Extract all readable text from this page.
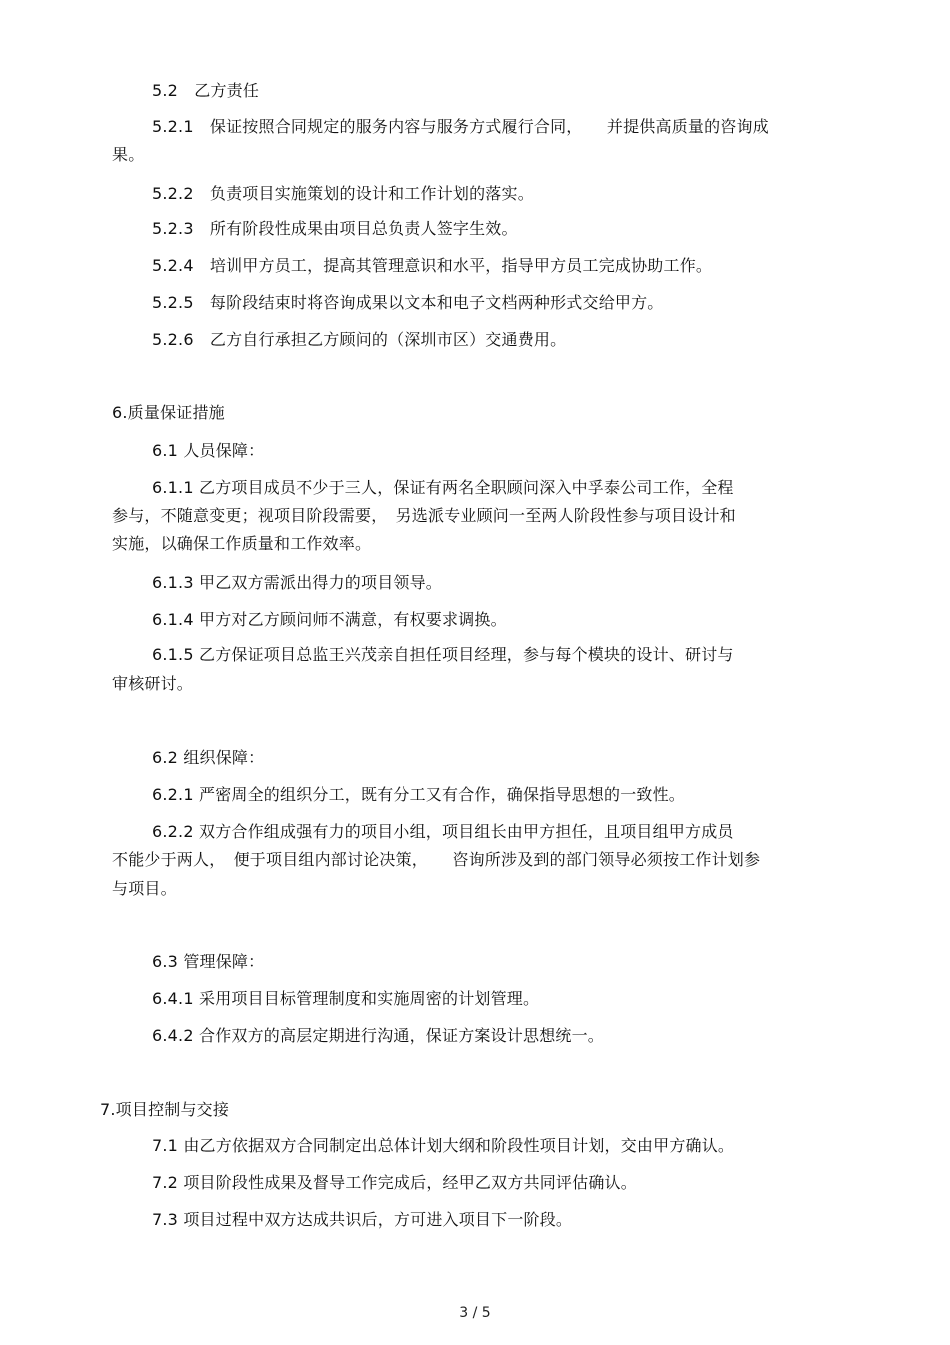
5.2　乙方责任

5.2.1　保证按照合同规定的服务内容与服务方式履行合同，　　并提供高质量的咨询成

果。

5.2.2　负责项目实施策划的设计和工作计划的落实。

5.2.3　所有阶段性成果由项目总负责人签字生效。

5.2.4　培训甲方员工，提高其管理意识和水平，指导甲方员工完成协助工作。

5.2.5　每阶段结束时将咨询成果以文本和电子文档两种形式交给甲方。

5.2.6　乙方自行承担乙方顾问的（深圳市区）交通费用。

6.质量保证措施

6.1 人员保障：

6.1.1 乙方项目成员不少于三人，保证有两名全职顾问深入中孚泰公司工作，全程

参与，不随意变更；视项目阶段需要，　另选派专业顾问一至两人阶段性参与项目设计和

实施，以确保工作质量和工作效率。

6.1.3 甲乙双方需派出得力的项目领导。

6.1.4 甲方对乙方顾问师不满意，有权要求调换。

6.1.5 乙方保证项目总监王兴茂亲自担任项目经理，参与每个模块的设计、研讨与

审核研讨。

6.2 组织保障：

6.2.1 严密周全的组织分工，既有分工又有合作，确保指导思想的一致性。

6.2.2 双方合作组成强有力的项目小组，项目组长由甲方担任，且项目组甲方成员

不能少于两人，　便于项目组内部讨论决策，　　咨询所涉及到的部门领导必须按工作计划参

与项目。

6.3 管理保障：

6.4.1 采用项目目标管理制度和实施周密的计划管理。

6.4.2 合作双方的高层定期进行沟通，保证方案设计思想统一。

7.项目控制与交接

7.1 由乙方依据双方合同制定出总体计划大纲和阶段性项目计划，交由甲方确认。

7.2 项目阶段性成果及督导工作完成后，经甲乙双方共同评估确认。

7.3 项目过程中双方达成共识后，方可进入项目下一阶段。

3 / 5
